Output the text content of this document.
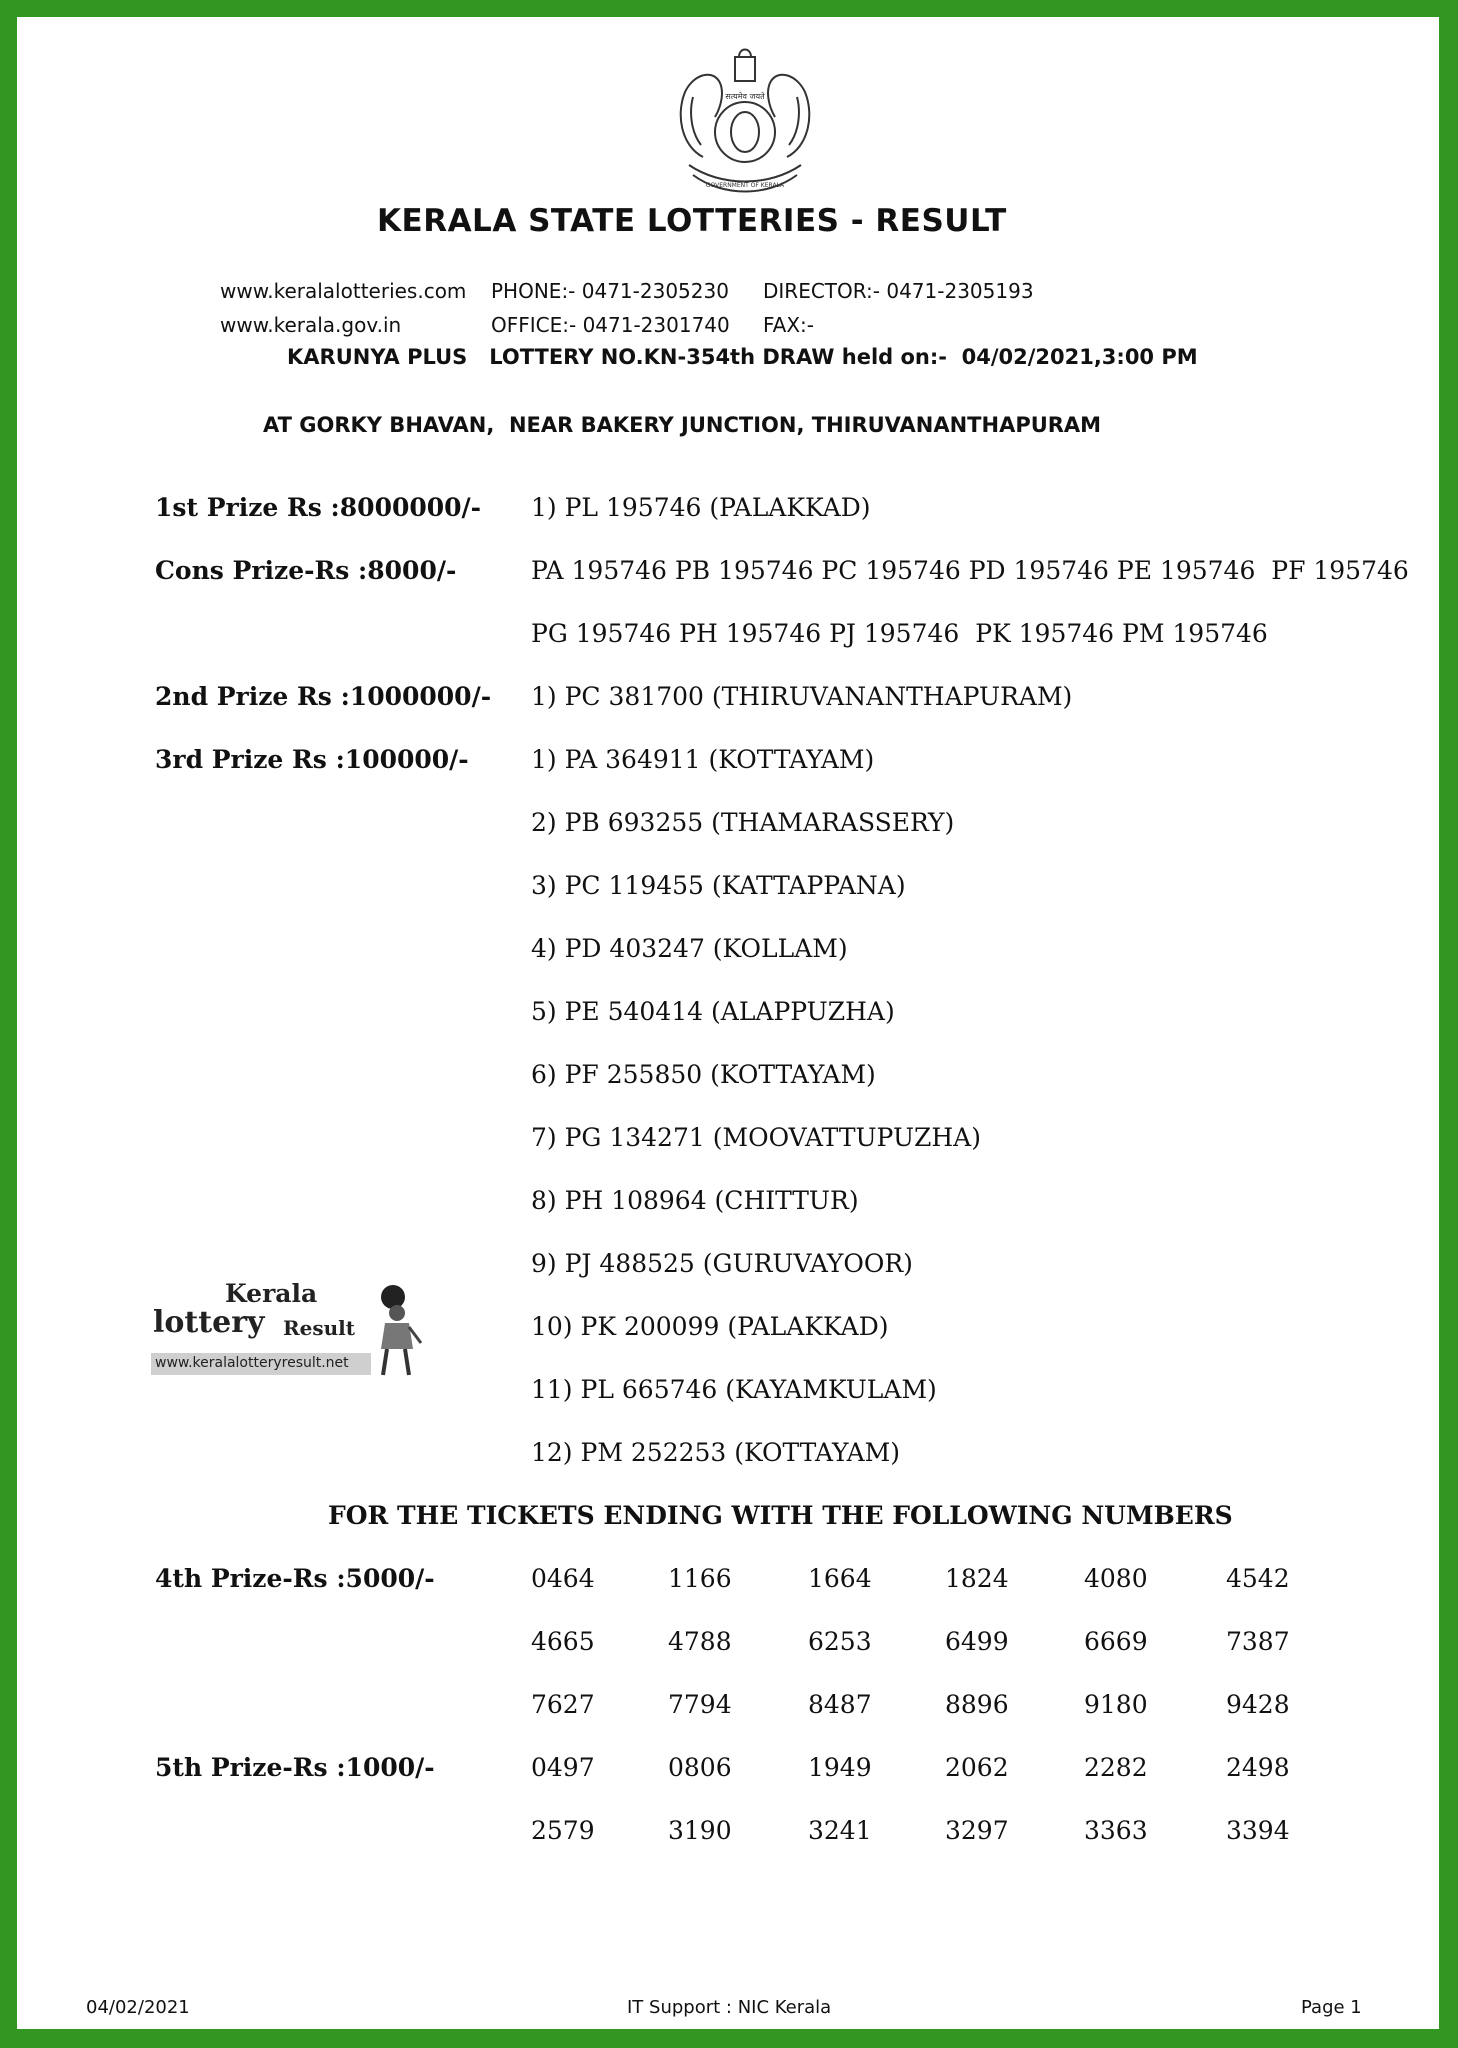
सत्यमेव जयते
GOVERNMENT OF KERALA
KERALA STATE LOTTERIES - RESULT
www.keralalotteries.com PHONE:- 0471-2305230 DIRECTOR:- 0471-2305193
www.kerala.gov.in	OFFICE:- 0471-2301740 FAX:-
KARUNYA PLUS   LOTTERY NO.KN-354th DRAW held on:-  04/02/2021,3:00 PM
AT GORKY BHAVAN,  NEAR BAKERY JUNCTION, THIRUVANANTHAPURAM
1st Prize Rs :8000000/- 1) PL 195746 (PALAKKAD)
Cons Prize-Rs :8000/-	PA 195746 PB 195746 PC 195746 PD 195746 PE 195746  PF 195746
PG 195746 PH 195746 PJ 195746  PK 195746 PM 195746
2nd Prize Rs :1000000/- 1) PC 381700 (THIRUVANANTHAPURAM)
3rd Prize Rs :100000/- 1) PA 364911 (KOTTAYAM)
2) PB 693255 (THAMARASSERY)
3) PC 119455 (KATTAPPANA)
4) PD 403247 (KOLLAM)
5) PE 540414 (ALAPPUZHA)
6) PF 255850 (KOTTAYAM)
7) PG 134271 (MOOVATTUPUZHA)
8) PH 108964 (CHITTUR)
9) PJ 488525 (GURUVAYOOR)
10) PK 200099 (PALAKKAD)
11) PL 665746 (KAYAMKULAM)
12) PM 252253 (KOTTAYAM)
Kerala
lottery Result
www.keralalotteryresult.net
FOR THE TICKETS ENDING WITH THE FOLLOWING NUMBERS
4th Prize-Rs :5000/-	0464	1166	1664	1824	4080	4542
4665	4788	6253	6499	6669	7387
7627	7794	8487	8896	9180	9428
5th Prize-Rs :1000/-	0497	0806	1949	2062	2282	2498
2579	3190	3241	3297	3363	3394
04/02/2021	IT Support : NIC Kerala	Page 1
